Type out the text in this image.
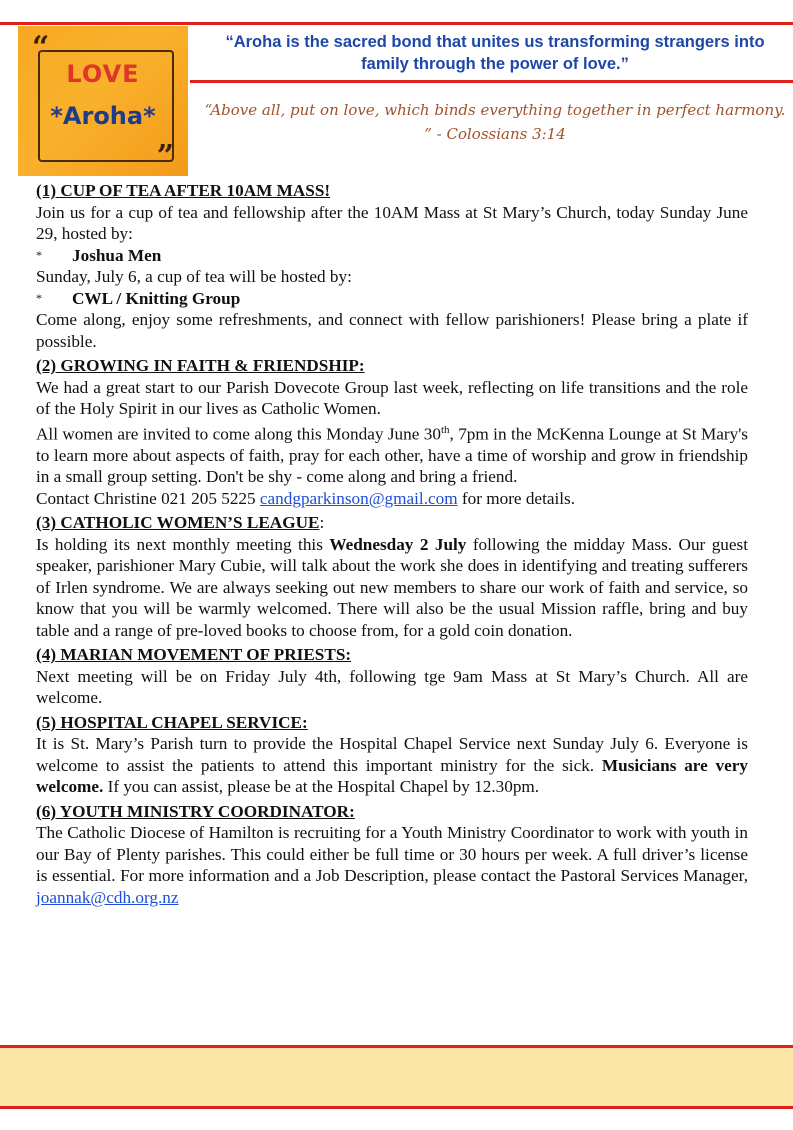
“
LOVE
*Aroha*
”
“Aroha is the sacred bond that unites us transforming strangers into family through the power of love.”
“Above all, put on love, which binds everything together in perfect harmony. ” - Colossians 3:14
(1) CUP OF TEA AFTER 10AM MASS!

Join us for a cup of tea and fellowship after the 10AM Mass at St Mary’s Church, today Sunday June 29, hosted by:

*	Joshua Men

Sunday, July 6, a cup of tea will be hosted by:

*	CWL / Knitting Group

Come along, enjoy some refreshments, and connect with fellow parishioners! Please bring a plate if possible.

(2) GROWING IN FAITH & FRIENDSHIP:

We had a great start to our Parish Dovecote Group last week, reflecting on life transitions and the role of the Holy Spirit in our lives as Catholic Women.

All women are invited to come along this Monday June 30th, 7pm in the McKenna Lounge at St Mary's to learn more about aspects of faith, pray for each other, have a time of worship and grow in friendship in a small group setting. Don't be shy - come along and bring a friend.

Contact Christine 021 205 5225 candgparkinson@gmail.com for more details.

(3) CATHOLIC WOMEN’S LEAGUE:

Is holding its next monthly meeting this Wednesday 2 July following the midday Mass. Our guest speaker, parishioner Mary Cubie, will talk about the work she does in identifying and treating sufferers of Irlen syndrome. We are always seeking out new members to share our work of faith and service, so know that you will be warmly welcomed. There will also be the usual Mission raffle, bring and buy table and a range of pre-loved books to choose from, for a gold coin donation.

(4) MARIAN MOVEMENT OF PRIESTS:

Next meeting will be on Friday July 4th, following tge 9am Mass at St Mary’s Church. All are welcome.

(5) HOSPITAL CHAPEL SERVICE:

It is St. Mary’s Parish turn to provide the Hospital Chapel Service next Sunday July 6. Everyone is welcome to assist the patients to attend this important ministry for the sick. Musicians are very welcome. If you can assist, please be at the Hospital Chapel by 12.30pm.

(6) YOUTH MINISTRY COORDINATOR:

The Catholic Diocese of Hamilton is recruiting for a Youth Ministry Coordinator to work with youth in our Bay of Plenty parishes. This could either be full time or 30 hours per week. A full driver’s license is essential. For more information and a Job Description, please contact the Pastoral Services Manager, joannak@cdh.org.nz
